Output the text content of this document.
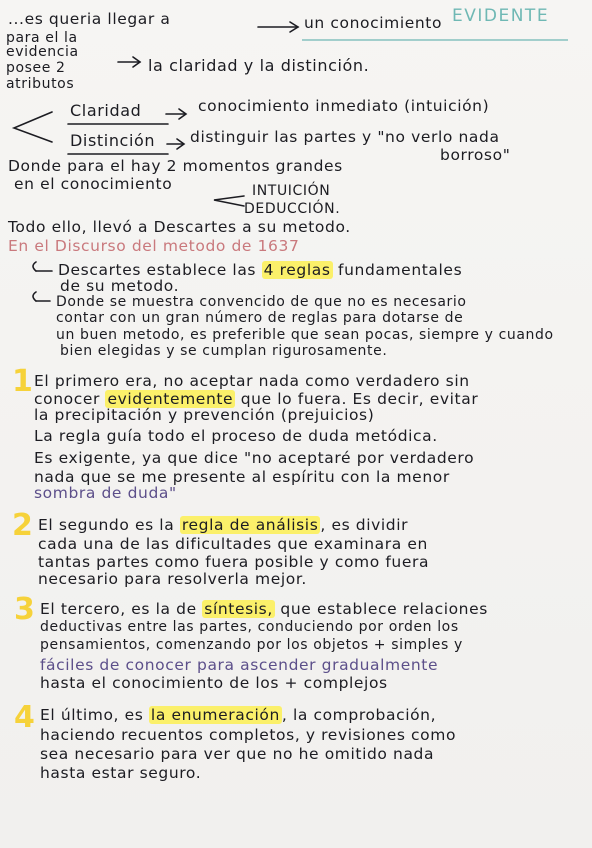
...es queria llegar a	un conocimiento EVIDENTE
para el la
evidencia
la claridad y la distinción.
posee 2
atributos
Claridad	conocimiento inmediato (intuición)
Distinción distinguir las partes y "no verlo nada
borroso"
Donde para el hay 2 momentos grandes
en el conocimiento	INTUICIÓN
DEDUCCIÓN.
Todo ello, llevó a Descartes a su metodo.
En el Discurso del metodo de 1637
Descartes establece las 4 reglas fundamentales
de su metodo.
Donde se muestra convencido de que no es necesario
contar con un gran número de reglas para dotarse de
un buen metodo, es preferible que sean pocas, siempre y cuando
bien elegidas y se cumplan rigurosamente.
1 El primero era, no aceptar nada como verdadero sin
conocer evidentemente que lo fuera. Es decir, evitar
la precipitación y prevención (prejuicios)
La regla guía todo el proceso de duda metódica.
Es exigente, ya que dice "no aceptaré por verdadero
nada que se me presente al espíritu con la menor
sombra de duda"
2 El segundo es la regla de análisis , es dividir
cada una de las dificultades que examinara en
tantas partes como fuera posible y como fuera
necesario para resolverla mejor.
3 El tercero, es la de síntesis, que establece relaciones
deductivas entre las partes, conduciendo por orden los
pensamientos, comenzando por los objetos + simples y
fáciles de conocer para ascender gradualmente
hasta el conocimiento de los + complejos
4 El último, es la enumeración , la comprobación,
haciendo recuentos completos, y revisiones como
sea necesario para ver que no he omitido nada
hasta estar seguro.
